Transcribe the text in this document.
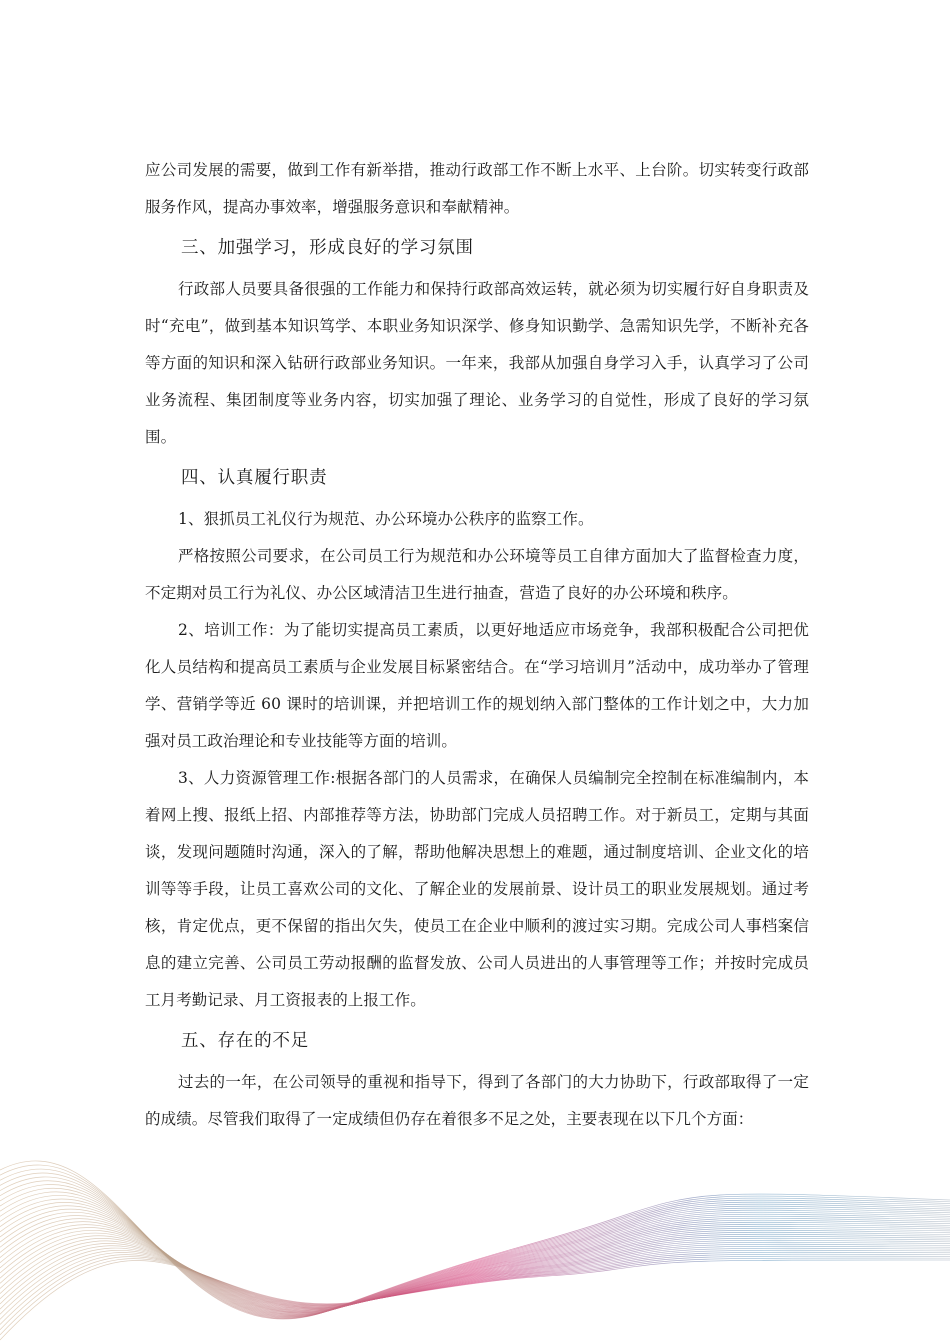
应公司发展的需要，做到工作有新举措，推动行政部工作不断上水平、上台阶。切实转变行政部服务作风，提高办事效率，增强服务意识和奉献精神。

三、加强学习，形成良好的学习氛围

行政部人员要具备很强的工作能力和保持行政部高效运转，就必须为切实履行好自身职责及时“充电”，做到基本知识笃学、本职业务知识深学、修身知识勤学、急需知识先学，不断补充各等方面的知识和深入钻研行政部业务知识。一年来，我部从加强自身学习入手，认真学习了公司业务流程、集团制度等业务内容，切实加强了理论、业务学习的自觉性，形成了良好的学习氛围。

四、认真履行职责

1、狠抓员工礼仪行为规范、办公环境办公秩序的监察工作。

严格按照公司要求，在公司员工行为规范和办公环境等员工自律方面加大了监督检查力度，不定期对员工行为礼仪、办公区域清洁卫生进行抽查，营造了良好的办公环境和秩序。

2、培训工作：为了能切实提高员工素质，以更好地适应市场竞争，我部积极配合公司把优化人员结构和提高员工素质与企业发展目标紧密结合。在“学习培训月”活动中，成功举办了管理学、营销学等近 60 课时的培训课，并把培训工作的规划纳入部门整体的工作计划之中，大力加强对员工政治理论和专业技能等方面的培训。

3、人力资源管理工作:根据各部门的人员需求，在确保人员编制完全控制在标准编制内，本着网上搜、报纸上招、内部推荐等方法，协助部门完成人员招聘工作。对于新员工，定期与其面谈，发现问题随时沟通，深入的了解，帮助他解决思想上的难题，通过制度培训、企业文化的培训等等手段，让员工喜欢公司的文化、了解企业的发展前景、设计员工的职业发展规划。通过考核，肯定优点，更不保留的指出欠失，使员工在企业中顺利的渡过实习期。完成公司人事档案信息的建立完善、公司员工劳动报酬的监督发放、公司人员进出的人事管理等工作；并按时完成员工月考勤记录、月工资报表的上报工作。

五、存在的不足

过去的一年，在公司领导的重视和指导下，得到了各部门的大力协助下，行政部取得了一定的成绩。尽管我们取得了一定成绩但仍存在着很多不足之处，主要表现在以下几个方面：
